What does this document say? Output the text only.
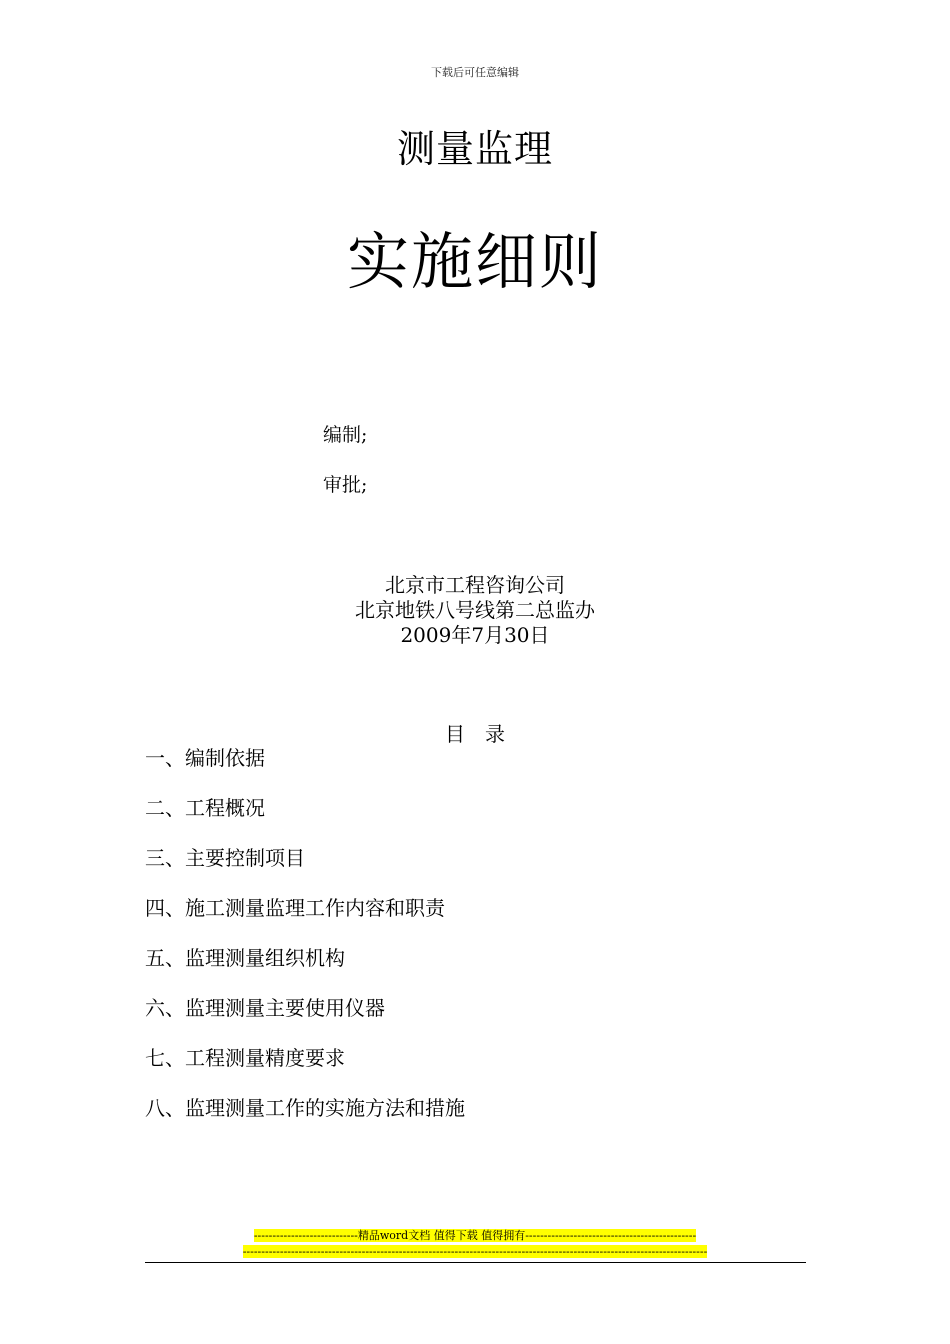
下载后可任意编辑
测量监理
实施细则
编制;
审批;
北京市工程咨询公司
北京地铁八号线第二总监办
2009年7月30日
目录
一、编制依据
二、工程概况
三、主要控制项目
四、施工测量监理工作内容和职责
五、监理测量组织机构
六、监理测量主要使用仪器
七、工程测量精度要求
八、监理测量工作的实施方法和措施
----------------------------精品word文档 值得下载 值得拥有----------------------------------------------
-----------------------------------------------------------------------------------------------------------------------------
